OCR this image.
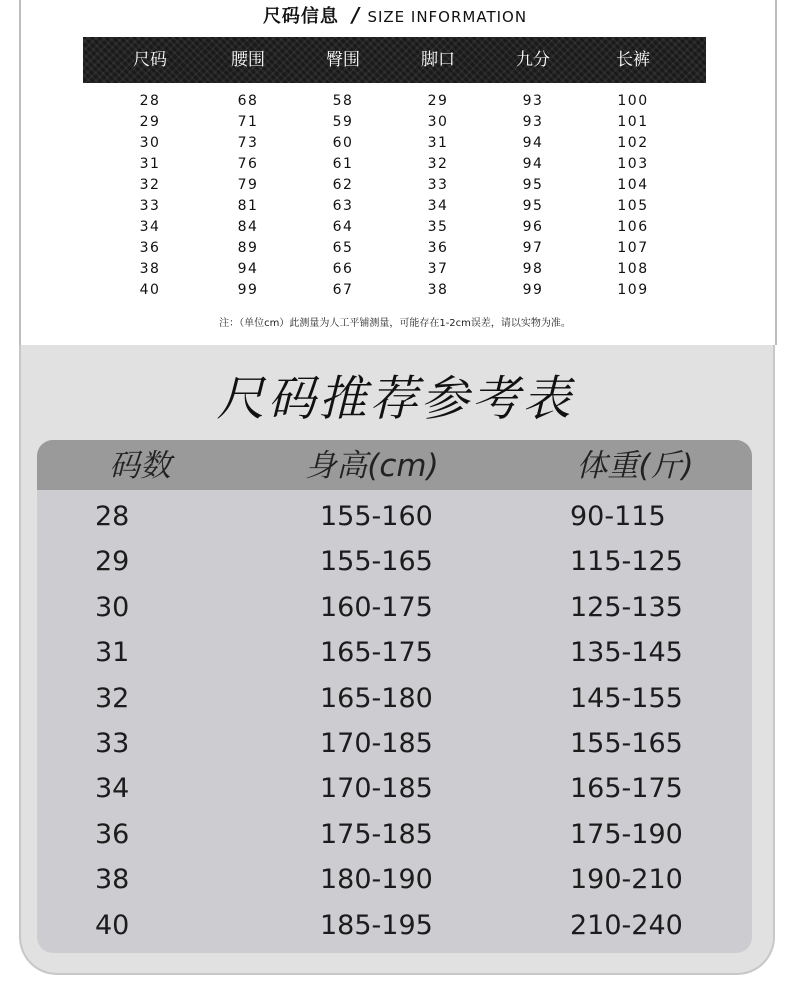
尺码信息 / SIZE INFORMATION
尺码	腰围	臀围	脚口	九分	长裤
28	68	58	29	93	100
29	71	59	30	93	101
30	73	60	31	94	102
31	76	61	32	94	103
32	79	62	33	95	104
33	81	63	34	95	105
34	84	64	35	96	106
36	89	65	36	97	107
38	94	66	37	98	108
40	99	67	38	99	109
注：（单位cm）此测量为人工平铺测量，可能存在1-2cm误差，请以实物为准。
尺码推荐参考表
码数	身高(cm)	体重(斤)
28	155-160	90-115
29	155-165	115-125
30	160-175	125-135
31	165-175	135-145
32	165-180	145-155
33	170-185	155-165
34	170-185	165-175
36	175-185	175-190
38	180-190	190-210
40	185-195	210-240
